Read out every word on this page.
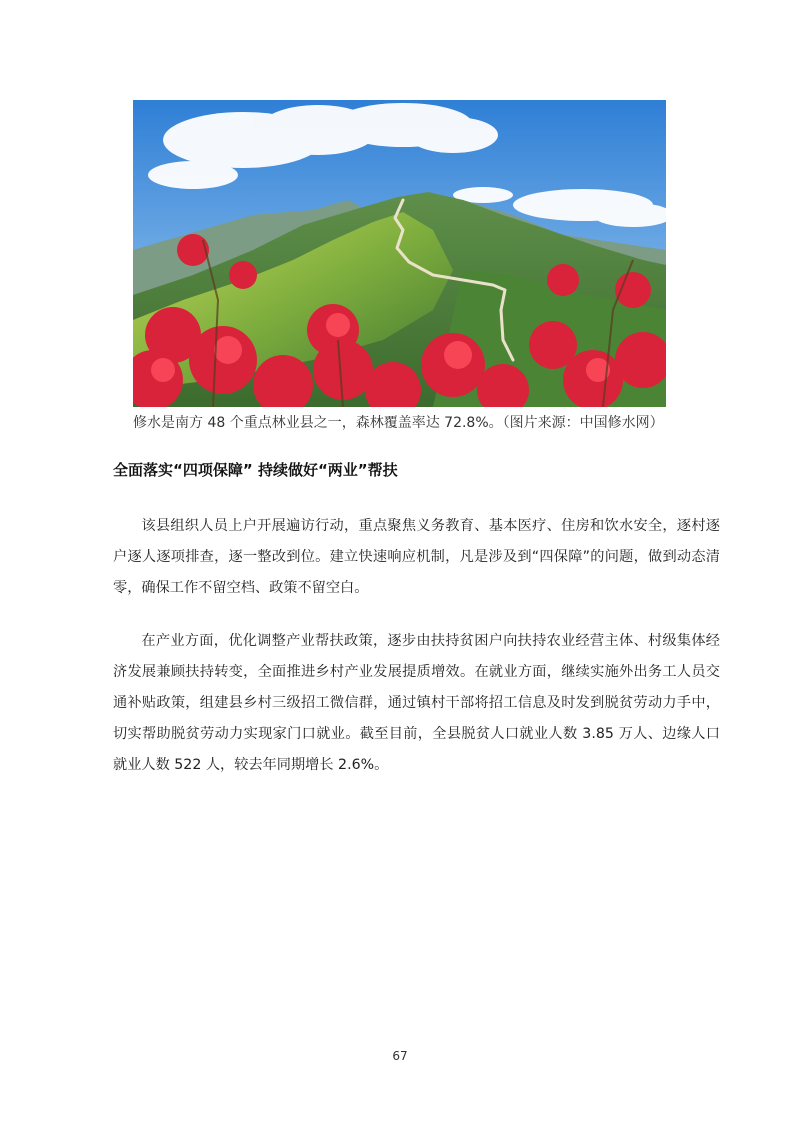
修水是南方 48 个重点林业县之一，森林覆盖率达 72.8%。（图片来源：中国修水网）
全面落实“四项保障” 持续做好“两业”帮扶

该县组织人员上户开展遍访行动，重点聚焦义务教育、基本医疗、住房和饮水安全，逐村逐户逐人逐项排查，逐一整改到位。建立快速响应机制，凡是涉及到“四保障”的问题，做到动态清零，确保工作不留空档、政策不留空白。

在产业方面，优化调整产业帮扶政策，逐步由扶持贫困户向扶持农业经营主体、村级集体经济发展兼顾扶持转变，全面推进乡村产业发展提质增效。在就业方面，继续实施外出务工人员交通补贴政策，组建县乡村三级招工微信群，通过镇村干部将招工信息及时发到脱贫劳动力手中，切实帮助脱贫劳动力实现家门口就业。截至目前，全县脱贫人口就业人数 3.85 万人、边缘人口就业人数 522 人，较去年同期增长 2.6%。

67
